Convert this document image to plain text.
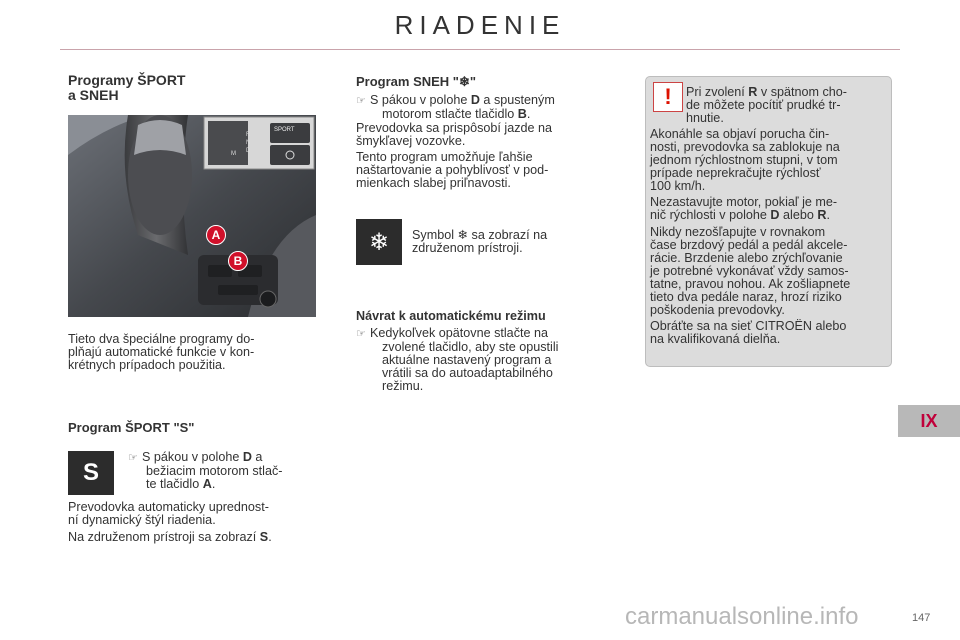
RIADENIE
Programy ŠPORT
a SNEH
R
N
D
M
SPORT
A
B
Tieto dva špeciálne programy do-
plňajú automatické funkcie v kon-
krétnych prípadoch použitia.
Program ŠPORT "S"
S
☞ S pákou v polohe D a
bežiacim motorom stlač-
te tlačidlo A.
Prevodovka automaticky uprednost-
ní dynamický štýl riadenia.
Na združenom prístroji sa zobrazí S.
Program SNEH "❄"
☞ S pákou v polohe D a spusteným
motorom stlačte tlačidlo B.
Prevodovka sa prispôsobí jazde na
šmykľavej vozovke.
Tento program umožňuje ľahšie
naštartovanie a pohyblivosť v pod-
mienkach slabej priľnavosti.
❄	Symbol ❄ sa zobrazí na
združenom prístroji.
Návrat k automatickému režimu
☞ Kedykoľvek opätovne stlačte na
zvolené tlačidlo, aby ste opustili
aktuálne nastavený program a
vrátili sa do autoadaptabilného
režimu.
!	Pri zvolení R v spätnom cho-
de môžete pocítiť prudké tr-
hnutie.
Akonáhle sa objaví porucha čin-
nosti, prevodovka sa zablokuje na
jednom rýchlostnom stupni, v tom
prípade neprekračujte rýchlosť
100 km/h.
Nezastavujte motor, pokiaľ je me-
nič rýchlosti v polohe D alebo R.
Nikdy nezošľapujte v rovnakom
čase brzdový pedál a pedál akcele-
rácie. Brzdenie alebo zrýchľovanie
je potrebné vykonávať vždy samos-
tatne, pravou nohou. Ak zošliapnete
tieto dva pedále naraz, hrozí riziko
poškodenia prevodovky.
Obráťte sa na sieť CITROËN alebo
na kvalifikovaná dielňa.
IX
carmanualsonline.info	147
